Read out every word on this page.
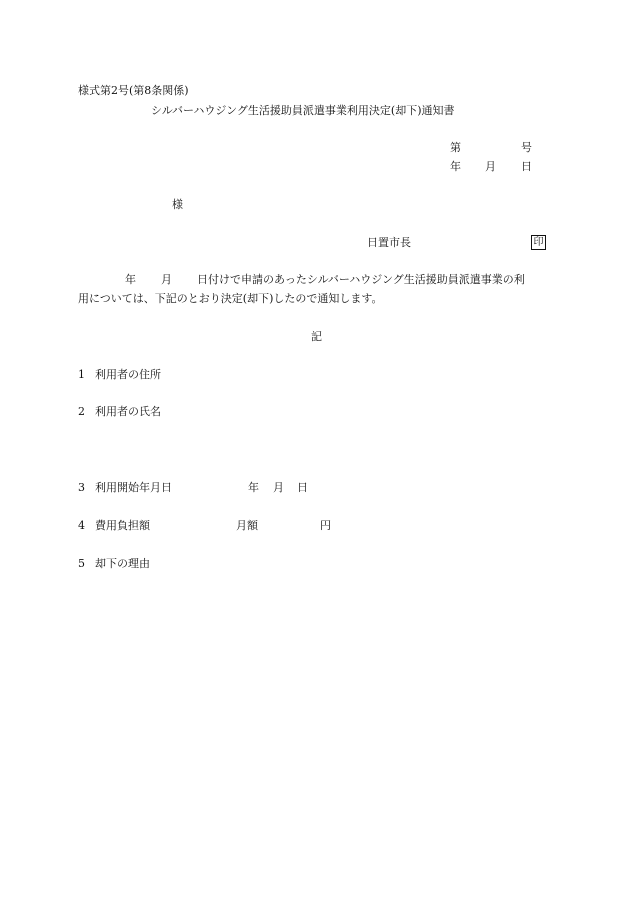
様式第2号(第8条関係)
シルバーハウジング生活援助員派遣事業利用決定(却下)通知書
第	号
年 月 日
様
日置市長	印
年 月 日付けで申請のあったシルバーハウジング生活援助員派遣事業の利
用については、下記のとおり決定(却下)したので通知します。
記
1 利用者の住所
2 利用者の氏名
3 利用開始年月日	年 月 日
4 費用負担額	月額	円
5 却下の理由
